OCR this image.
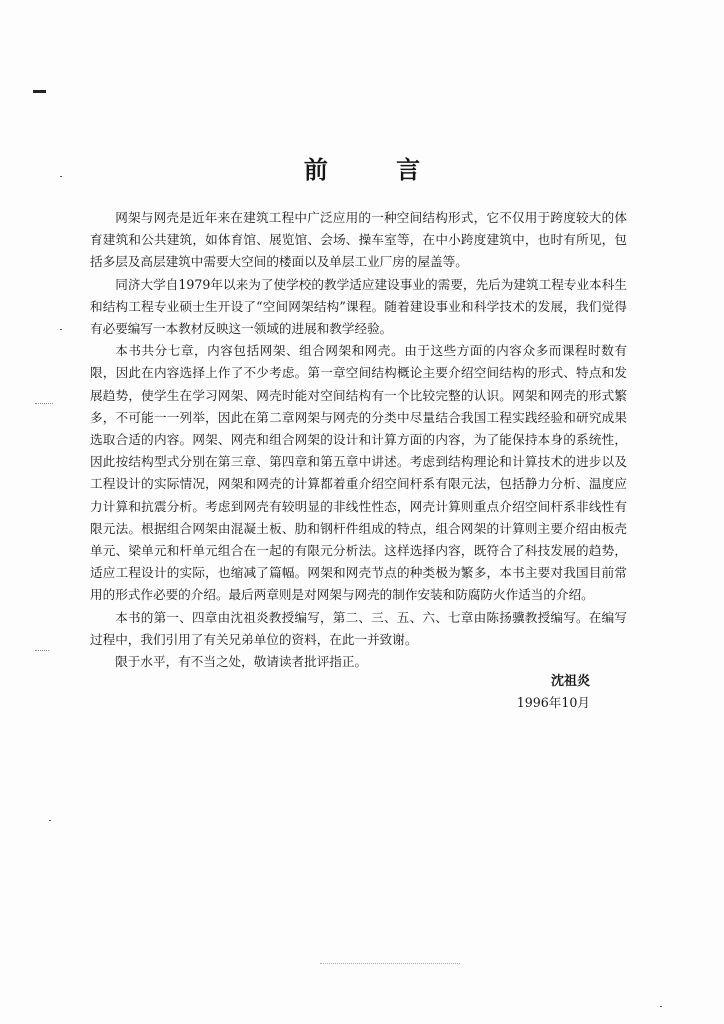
前 言

网架与网壳是近年来在建筑工程中广泛应用的一种空间结构形式，它不仅用于跨度较大的体育建筑和公共建筑，如体育馆、展览馆、会场、操车室等，在中小跨度建筑中，也时有所见，包括多层及高层建筑中需要大空间的楼面以及单层工业厂房的屋盖等。

同济大学自1979年以来为了使学校的教学适应建设事业的需要，先后为建筑工程专业本科生和结构工程专业硕士生开设了“空间网架结构”课程。随着建设事业和科学技术的发展，我们觉得有必要编写一本教材反映这一领域的进展和教学经验。

本书共分七章，内容包括网架、组合网架和网壳。由于这些方面的内容众多而课程时数有限，因此在内容选择上作了不少考虑。第一章空间结构概论主要介绍空间结构的形式、特点和发展趋势，使学生在学习网架、网壳时能对空间结构有一个比较完整的认识。网架和网壳的形式繁多，不可能一一列举，因此在第二章网架与网壳的分类中尽量结合我国工程实践经验和研究成果选取合适的内容。网架、网壳和组合网架的设计和计算方面的内容，为了能保持本身的系统性，因此按结构型式分别在第三章、第四章和第五章中讲述。考虑到结构理论和计算技术的进步以及工程设计的实际情况，网架和网壳的计算都着重介绍空间杆系有限元法，包括静力分析、温度应力计算和抗震分析。考虑到网壳有较明显的非线性性态，网壳计算则重点介绍空间杆系非线性有限元法。根据组合网架由混凝土板、肋和钢杆件组成的特点，组合网架的计算则主要介绍由板壳单元、梁单元和杆单元组合在一起的有限元分析法。这样选择内容，既符合了科技发展的趋势，适应工程设计的实际，也缩减了篇幅。网架和网壳节点的种类极为繁多，本书主要对我国目前常用的形式作必要的介绍。最后两章则是对网架与网壳的制作安装和防腐防火作适当的介绍。

本书的第一、四章由沈祖炎教授编写，第二、三、五、六、七章由陈扬骥教授编写。在编写过程中，我们引用了有关兄弟单位的资料，在此一并致谢。

限于水平，有不当之处，敬请读者批评指正。

沈祖炎
1996年10月
